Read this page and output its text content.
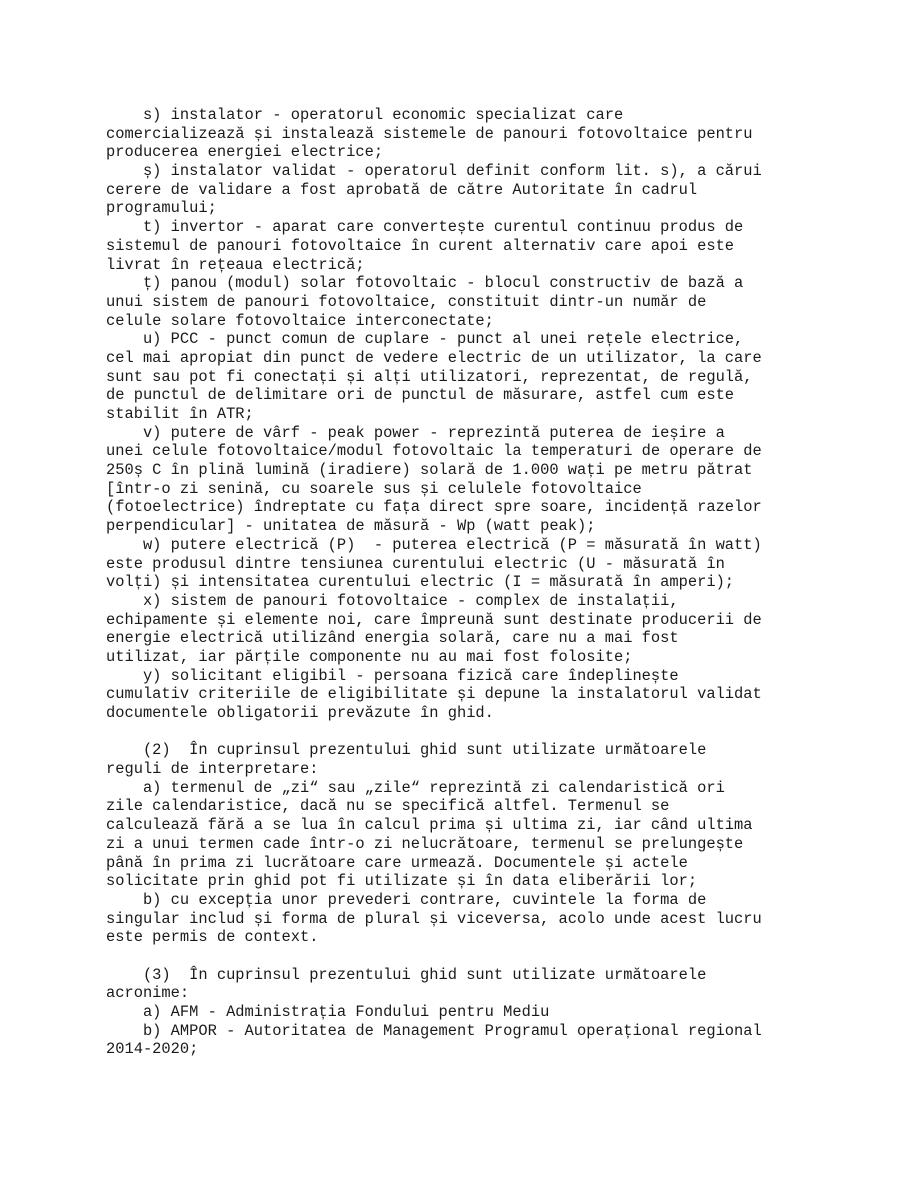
s) instalator - operatorul economic specializat care
comercializează și instalează sistemele de panouri fotovoltaice pentru
producerea energiei electrice;
ș) instalator validat - operatorul definit conform lit. s), a cărui
cerere de validare a fost aprobată de către Autoritate în cadrul
programului;
t) invertor - aparat care convertește curentul continuu produs de
sistemul de panouri fotovoltaice în curent alternativ care apoi este
livrat în rețeaua electrică;
ț) panou (modul) solar fotovoltaic - blocul constructiv de bază a
unui sistem de panouri fotovoltaice, constituit dintr-un număr de
celule solare fotovoltaice interconectate;
u) PCC - punct comun de cuplare - punct al unei rețele electrice,
cel mai apropiat din punct de vedere electric de un utilizator, la care
sunt sau pot fi conectați și alți utilizatori, reprezentat, de regulă,
de punctul de delimitare ori de punctul de măsurare, astfel cum este
stabilit în ATR;
v) putere de vârf - peak power - reprezintă puterea de ieșire a
unei celule fotovoltaice/modul fotovoltaic la temperaturi de operare de
250ș C în plină lumină (iradiere) solară de 1.000 wați pe metru pătrat
[într-o zi senină, cu soarele sus și celulele fotovoltaice
(fotoelectrice) îndreptate cu fața direct spre soare, incidență razelor
perpendicular] - unitatea de măsură - Wp (watt peak);
w) putere electrică (P)  - puterea electrică (P = măsurată în watt)
este produsul dintre tensiunea curentului electric (U - măsurată în
volți) și intensitatea curentului electric (I = măsurată în amperi);
x) sistem de panouri fotovoltaice - complex de instalații,
echipamente și elemente noi, care împreună sunt destinate producerii de
energie electrică utilizând energia solară, care nu a mai fost
utilizat, iar părțile componente nu au mai fost folosite;
y) solicitant eligibil - persoana fizică care îndeplinește
cumulativ criteriile de eligibilitate și depune la instalatorul validat
documentele obligatorii prevăzute în ghid.
(2)  În cuprinsul prezentului ghid sunt utilizate următoarele
reguli de interpretare:
a) termenul de „zi“ sau „zile“ reprezintă zi calendaristică ori
zile calendaristice, dacă nu se specifică altfel. Termenul se
calculează fără a se lua în calcul prima și ultima zi, iar când ultima
zi a unui termen cade într-o zi nelucrătoare, termenul se prelungește
până în prima zi lucrătoare care urmează. Documentele și actele
solicitate prin ghid pot fi utilizate și în data eliberării lor;
b) cu excepția unor prevederi contrare, cuvintele la forma de
singular includ și forma de plural și viceversa, acolo unde acest lucru
este permis de context.
(3)  În cuprinsul prezentului ghid sunt utilizate următoarele
acronime:
a) AFM - Administrația Fondului pentru Mediu
b) AMPOR - Autoritatea de Management Programul operațional regional
2014-2020;
